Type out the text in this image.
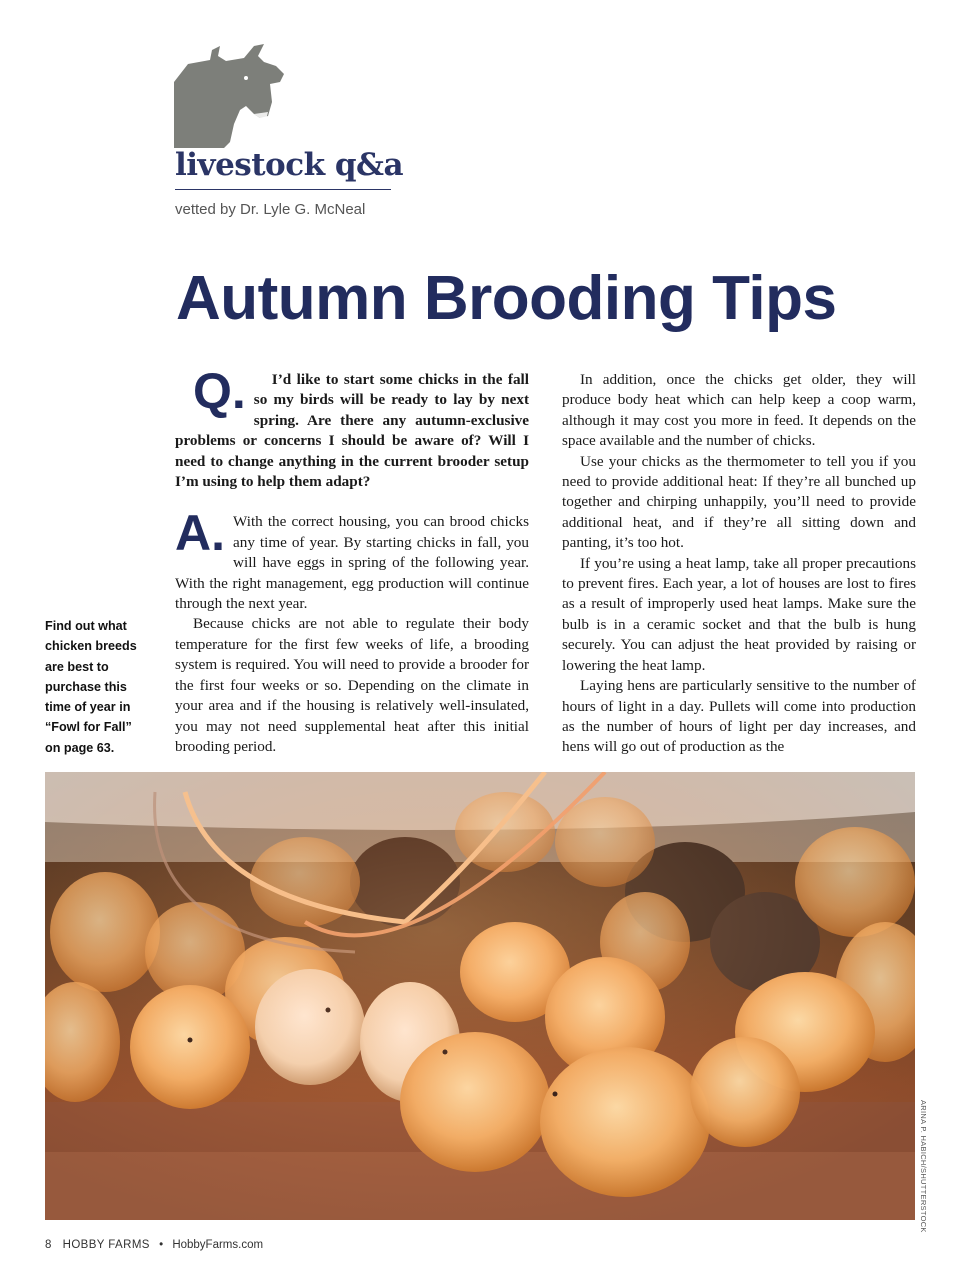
livestock q&a
vetted by Dr. Lyle G. McNeal
Autumn Brooding Tips

Q. I’d like to start some chicks in the fall so my birds will be ready to lay by next spring. Are there any autumn-exclusive problems or concerns I should be aware of? Will I need to change anything in the current brooder setup I’m using to help them adapt?

A. With the correct housing, you can brood chicks any time of year. By starting chicks in fall, you will have eggs in spring of the following year. With the right management, egg production will continue through the next year.

Because chicks are not able to regulate their body temperature for the first few weeks of life, a brooding system is required. You will need to provide a brooder for the first four weeks or so. Depending on the climate in your area and if the housing is relatively well-insulated, you may not need supplemental heat after this initial brooding period.

In addition, once the chicks get older, they will produce body heat which can help keep a coop warm, although it may cost you more in feed. It depends on the space available and the number of chicks.

Use your chicks as the thermometer to tell you if you need to provide additional heat: If they’re all bunched up together and chirping unhappily, you’ll need to provide additional heat, and if they’re all sitting down and panting, it’s too hot.

If you’re using a heat lamp, take all proper precautions to prevent fires. Each year, a lot of houses are lost to fires as a result of improperly used heat lamps. Make sure the bulb is in a ceramic socket and that the bulb is hung securely. You can adjust the heat provided by raising or lowering the heat lamp.

Laying hens are particularly sensitive to the number of hours of light in a day. Pullets will come into production as the number of hours of light per day increases, and hens will go out of production as the

Find out what chicken breeds are best to purchase this time of year in “Fowl for Fall” on page 63.
ARINA P. HABICH/SHUTTERSTOCK
8 HOBBY FARMS • HobbyFarms.com
